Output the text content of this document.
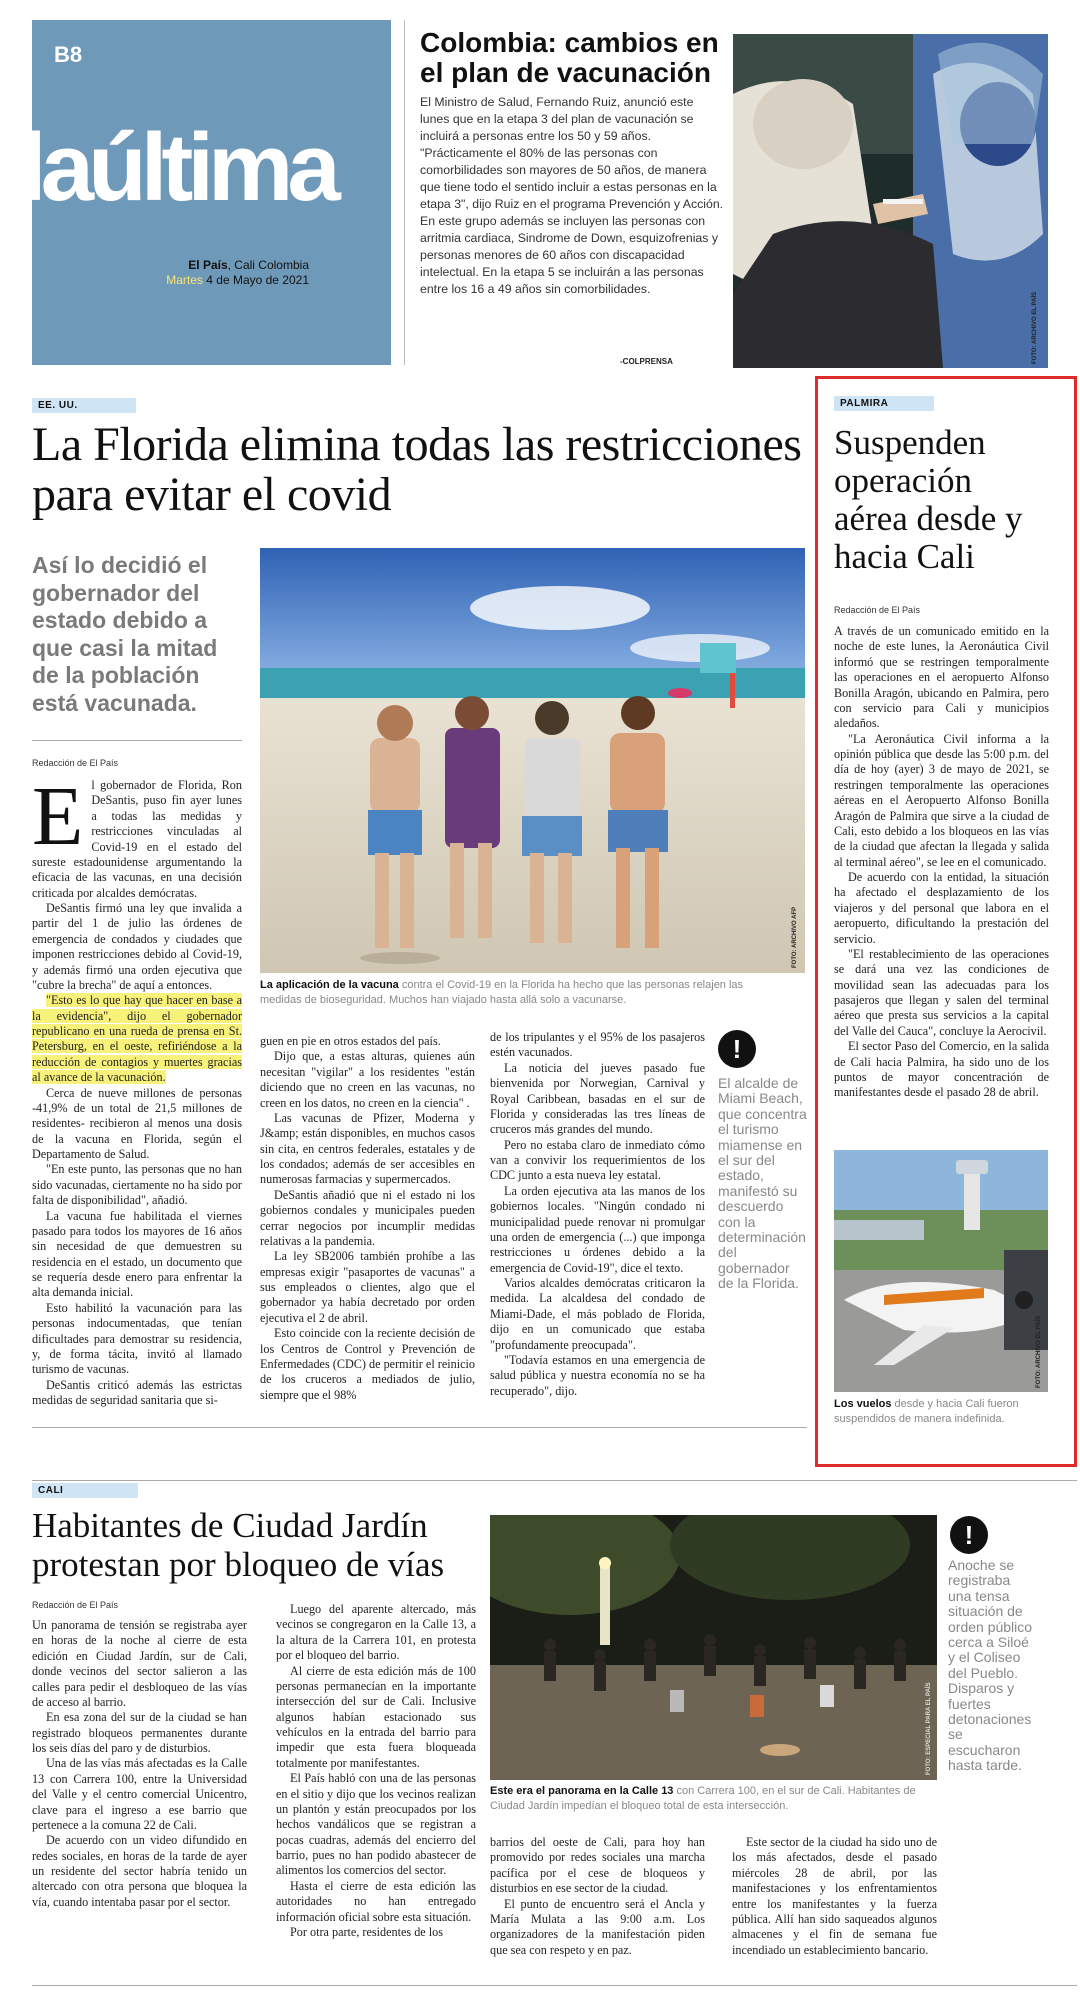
B8
laúltima
El País, Cali Colombia
Martes 4 de Mayo de 2021
Colombia: cambios en el plan de vacunación

El Ministro de Salud, Fernando Ruiz, anunció este lunes que en la etapa 3 del plan de vacunación se incluirá a personas entre los 50 y 59 años. "Prácticamente el 80% de las personas con comorbilidades son mayores de 50 años, de manera que tiene todo el sentido incluir a estas personas en la etapa 3", dijo Ruiz en el programa Prevención y Acción. En este grupo además se incluyen las personas con arritmia cardiaca, Sindrome de Down, esquizofrenias y personas menores de 60 años con discapacidad intelectual. En la etapa 5 se incluirán a las personas entre los 16 a 49 años sin comorbilidades.

-COLPRENSA	FOTO: ARCHIVO EL PAÍS
EE. UU.
La Florida elimina todas las restricciones para evitar el covid
Así lo decidió el gobernador del estado debido a que casi la mitad de la población está vacunada.
Redacción de El País
FOTO: ARCHIVO AFP

La aplicación de la vacuna contra el Covid-19 en la Florida ha hecho que las personas relajen las medidas de bioseguridad. Muchos han viajado hasta allá solo a vacunarse.

El gobernador de Florida, Ron DeSantis, puso fin ayer lunes a todas las medidas y restricciones vinculadas al Covid-19 en el estado del sureste estadounidense argumentando la eficacia de las vacunas, en una decisión criticada por alcaldes demócratas.

DeSantis firmó una ley que invalida a partir del 1 de julio las órdenes de emergencia de condados y ciudades que imponen restricciones debido al Covid-19, y además firmó una orden ejecutiva que "cubre la brecha" de aquí a entonces.

"Esto es lo que hay que hacer en base a la evidencia", dijo el gobernador republicano en una rueda de prensa en St. Petersburg, en el oeste, refiriéndose a la reducción de contagios y muertes gracias al avance de la vacunación.

Cerca de nueve millones de personas -41,9% de un total de 21,5 millones de residentes- recibieron al menos una dosis de la vacuna en Florida, según el Departamento de Salud.

"En este punto, las personas que no han sido vacunadas, ciertamente no ha sido por falta de disponibilidad", añadió.

La vacuna fue habilitada el viernes pasado para todos los mayores de 16 años sin necesidad de que demuestren su residencia en el estado, un documento que se requería desde enero para enfrentar la alta demanda inicial.

Esto habilitó la vacunación para las personas indocumentadas, que tenían dificultades para demostrar su residencia, y, de forma tácita, invitó al llamado turismo de vacunas.

DeSantis criticó además las estrictas medidas de seguridad sanitaria que si-

guen en pie en otros estados del país.

Dijo que, a estas alturas, quienes aún necesitan "vigilar" a los residentes "están diciendo que no creen en las vacunas, no creen en los datos, no creen en la ciencia" .

Las vacunas de Pfizer, Moderna y J&amp; están disponibles, en muchos casos sin cita, en centros federales, estatales y de los condados; además de ser accesibles en numerosas farmacias y supermercados.

DeSantis añadió que ni el estado ni los gobiernos condales y municipales pueden cerrar negocios por incumplir medidas relativas a la pandemia.

La ley SB2006 también prohíbe a las empresas exigir "pasaportes de vacunas" a sus empleados o clientes, algo que el gobernador ya había decretado por orden ejecutiva el 2 de abril.

Esto coincide con la reciente decisión de los Centros de Control y Prevención de Enfermedades (CDC) de permitir el reinicio de los cruceros a mediados de julio, siempre que el 98%

de los tripulantes y el 95% de los pasajeros estén vacunados.

La noticia del jueves pasado fue bienvenida por Norwegian, Carnival y Royal Caribbean, basadas en el sur de Florida y consideradas las tres líneas de cruceros más grandes del mundo.

Pero no estaba claro de inmediato cómo van a convivir los requerimientos de los CDC junto a esta nueva ley estatal.

La orden ejecutiva ata las manos de los gobiernos locales. "Ningún condado ni municipalidad puede renovar ni promulgar una orden de emergencia (...) que imponga restricciones u órdenes debido a la emergencia de Covid-19", dice el texto.

Varios alcaldes demócratas criticaron la medida. La alcaldesa del condado de Miami-Dade, el más poblado de Florida, dijo en un comunicado que estaba "profundamente preocupada".

"Todavía estamos en una emergencia de salud pública y nuestra economía no se ha recuperado", dijo.

!

El alcalde de Miami Beach, que concentra el turismo miamense en el sur del estado, manifestó su descuerdo con la determinación del gobernador de la Florida.

PALMIRA
Suspenden operación aérea desde y hacia Cali
Redacción de El País

A través de un comunicado emitido en la noche de este lunes, la Aeronáutica Civil informó que se restringen temporalmente las operaciones en el aeropuerto Alfonso Bonilla Aragón, ubicando en Palmira, pero con servicio para Cali y municipios aledaños.

"La Aeronáutica Civil informa a la opinión pública que desde las 5:00 p.m. del día de hoy (ayer) 3 de mayo de 2021, se restringen temporalmente las operaciones aéreas en el Aeropuerto Alfonso Bonilla Aragón de Palmira que sirve a la ciudad de Cali, esto debido a los bloqueos en las vías de la ciudad que afectan la llegada y salida al terminal aéreo", se lee en el comunicado.

De acuerdo con la entidad, la situación ha afectado el desplazamiento de los viajeros y del personal que labora en el aeropuerto, dificultando la prestación del servicio.

"El restablecimiento de las operaciones se dará una vez las condiciones de movilidad sean las adecuadas para los pasajeros que llegan y salen del terminal aéreo que presta sus servicios a la capital del Valle del Cauca", concluye la Aerocivil.

El sector Paso del Comercio, en la salida de Cali hacia Palmira, ha sido uno de los puntos de mayor concentración de manifestantes desde el pasado 28 de abril.

FOTO: ARCHIVO EL PAÍS

Los vuelos desde y hacia Cali fueron suspendidos de manera indefinida.

CALI
Habitantes de Ciudad Jardín protestan por bloqueo de vías
Redacción de El País

Un panorama de tensión se registraba ayer en horas de la noche al cierre de esta edición en Ciudad Jardín, sur de Cali, donde vecinos del sector salieron a las calles para pedir el desbloqueo de las vías de acceso al barrio.

En esa zona del sur de la ciudad se han registrado bloqueos permanentes durante los seis días del paro y de disturbios.

Una de las vías más afectadas es la Calle 13 con Carrera 100, entre la Universidad del Valle y el centro comercial Unicentro, clave para el ingreso a ese barrio que pertenece a la comuna 22 de Cali.

De acuerdo con un video difundido en redes sociales, en horas de la tarde de ayer un residente del sector habría tenido un altercado con otra persona que bloquea la vía, cuando intentaba pasar por el sector.

Luego del aparente altercado, más vecinos se congregaron en la Calle 13, a la altura de la Carrera 101, en protesta por el bloqueo del barrio.

Al cierre de esta edición más de 100 personas permanecían en la importante intersección del sur de Cali. Inclusive algunos habían estacionado sus vehículos en la entrada del barrio para impedir que esta fuera bloqueada totalmente por manifestantes.

El País habló con una de las personas en el sitio y dijo que los vecinos realizan un plantón y están preocupados por los hechos vandálicos que se registran a pocas cuadras, además del encierro del barrio, pues no han podido abastecer de alimentos los comercios del sector.

Hasta el cierre de esta edición las autoridades no han entregado información oficial sobre esta situación.

Por otra parte, residentes de los

FOTO: ESPECIAL PARA EL PAÍS

Este era el panorama en la Calle 13 con Carrera 100, en el sur de Cali. Habitantes de Ciudad Jardín impedían el bloqueo total de esta intersección.

barrios del oeste de Cali, para hoy han promovido por redes sociales una marcha pacífica por el cese de bloqueos y disturbios en ese sector de la ciudad.

El punto de encuentro será el Ancla y María Mulata a las 9:00 a.m. Los organizadores de la manifestación piden que sea con respeto y en paz.

Este sector de la ciudad ha sido uno de los más afectados, desde el pasado miércoles 28 de abril, por las manifestaciones y los enfrentamientos entre los manifestantes y la fuerza pública. Allí han sido saqueados algunos almacenes y el fin de semana fue incendiado un establecimiento bancario.

!

Anoche se registraba una tensa situación de orden público cerca a Siloé y el Coliseo del Pueblo. Disparos y fuertes detonaciones se escucharon hasta tarde.
